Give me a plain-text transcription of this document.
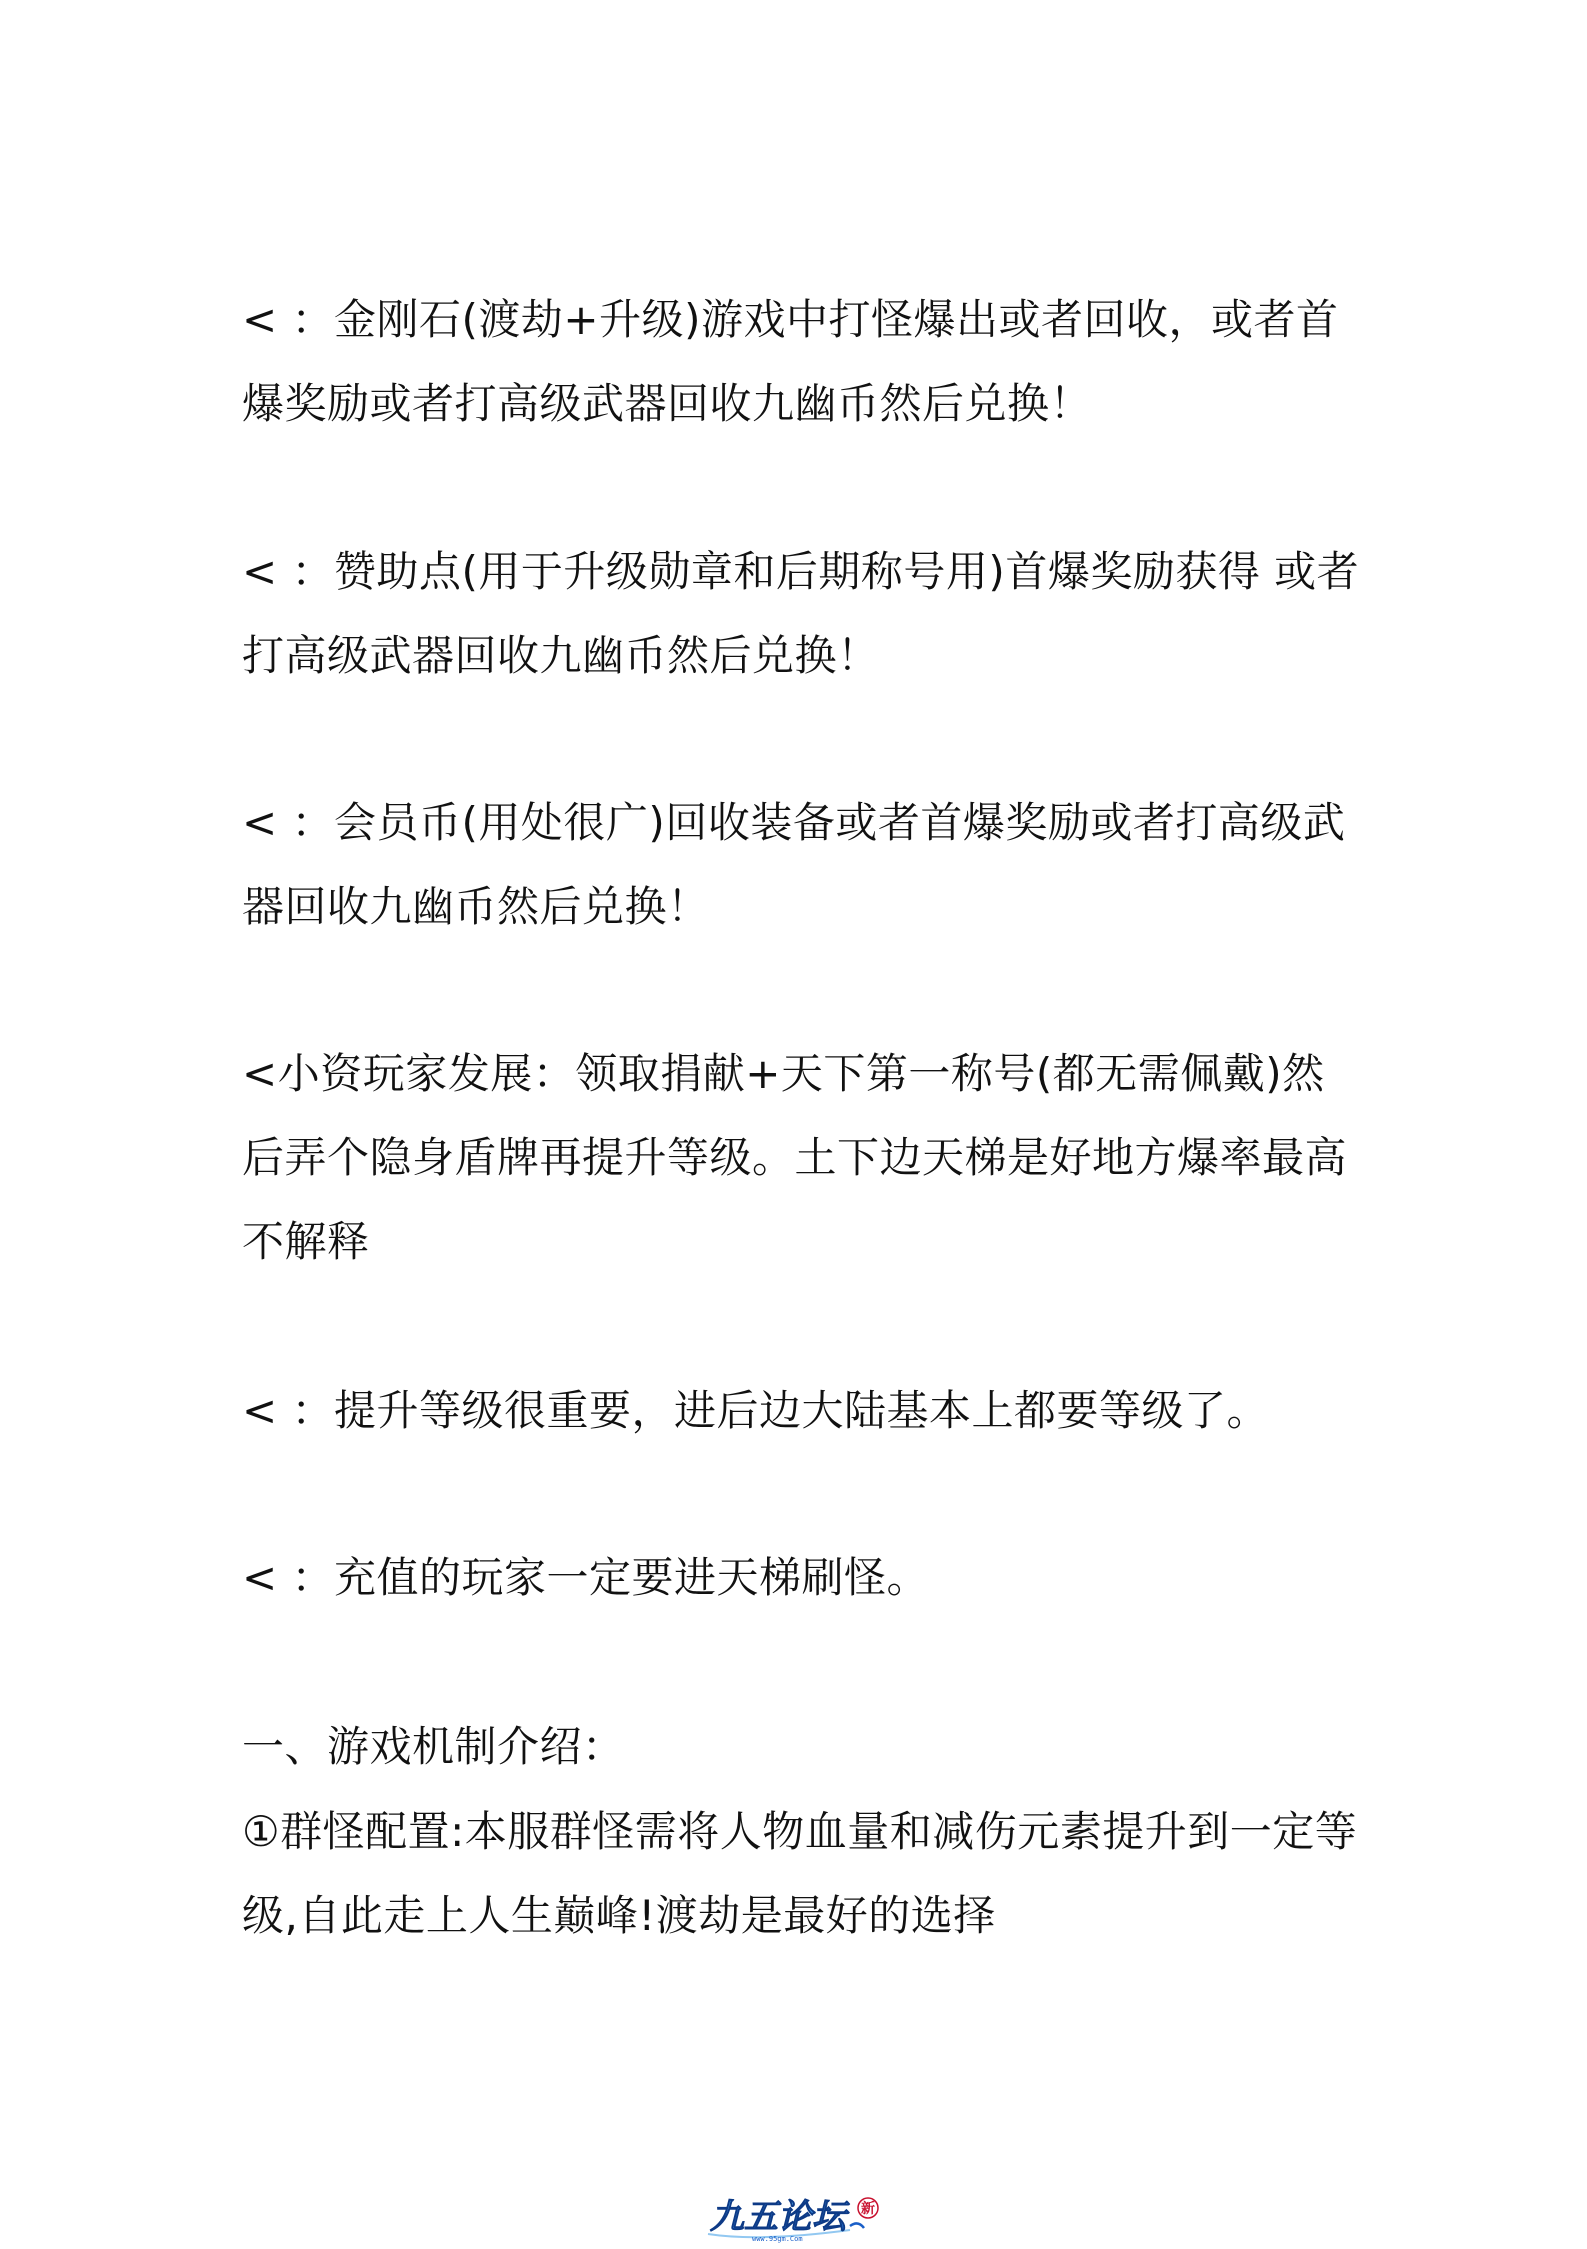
< ：金刚石(渡劫+升级)游戏中打怪爆出或者回收，或者首爆奖励或者打高级武器回收九幽币然后兑换！

< ：赞助点(用于升级勋章和后期称号用)首爆奖励获得 或者打高级武器回收九幽币然后兑换！

< ：会员币(用处很广)回收装备或者首爆奖励或者打高级武器回收九幽币然后兑换！

<小资玩家发展：领取捐献+天下第一称号(都无需佩戴)然后弄个隐身盾牌再提升等级。土下边天梯是好地方爆率最高不解释

< ：提升等级很重要，进后边大陆基本上都要等级了。

< ：充值的玩家一定要进天梯刷怪。

一、游戏机制介绍：

①群怪配置:本服群怪需将人物血量和减伤元素提升到一定等级,自此走上人生巅峰!渡劫是最好的选择

九五论坛
www.95gm.Com
新
